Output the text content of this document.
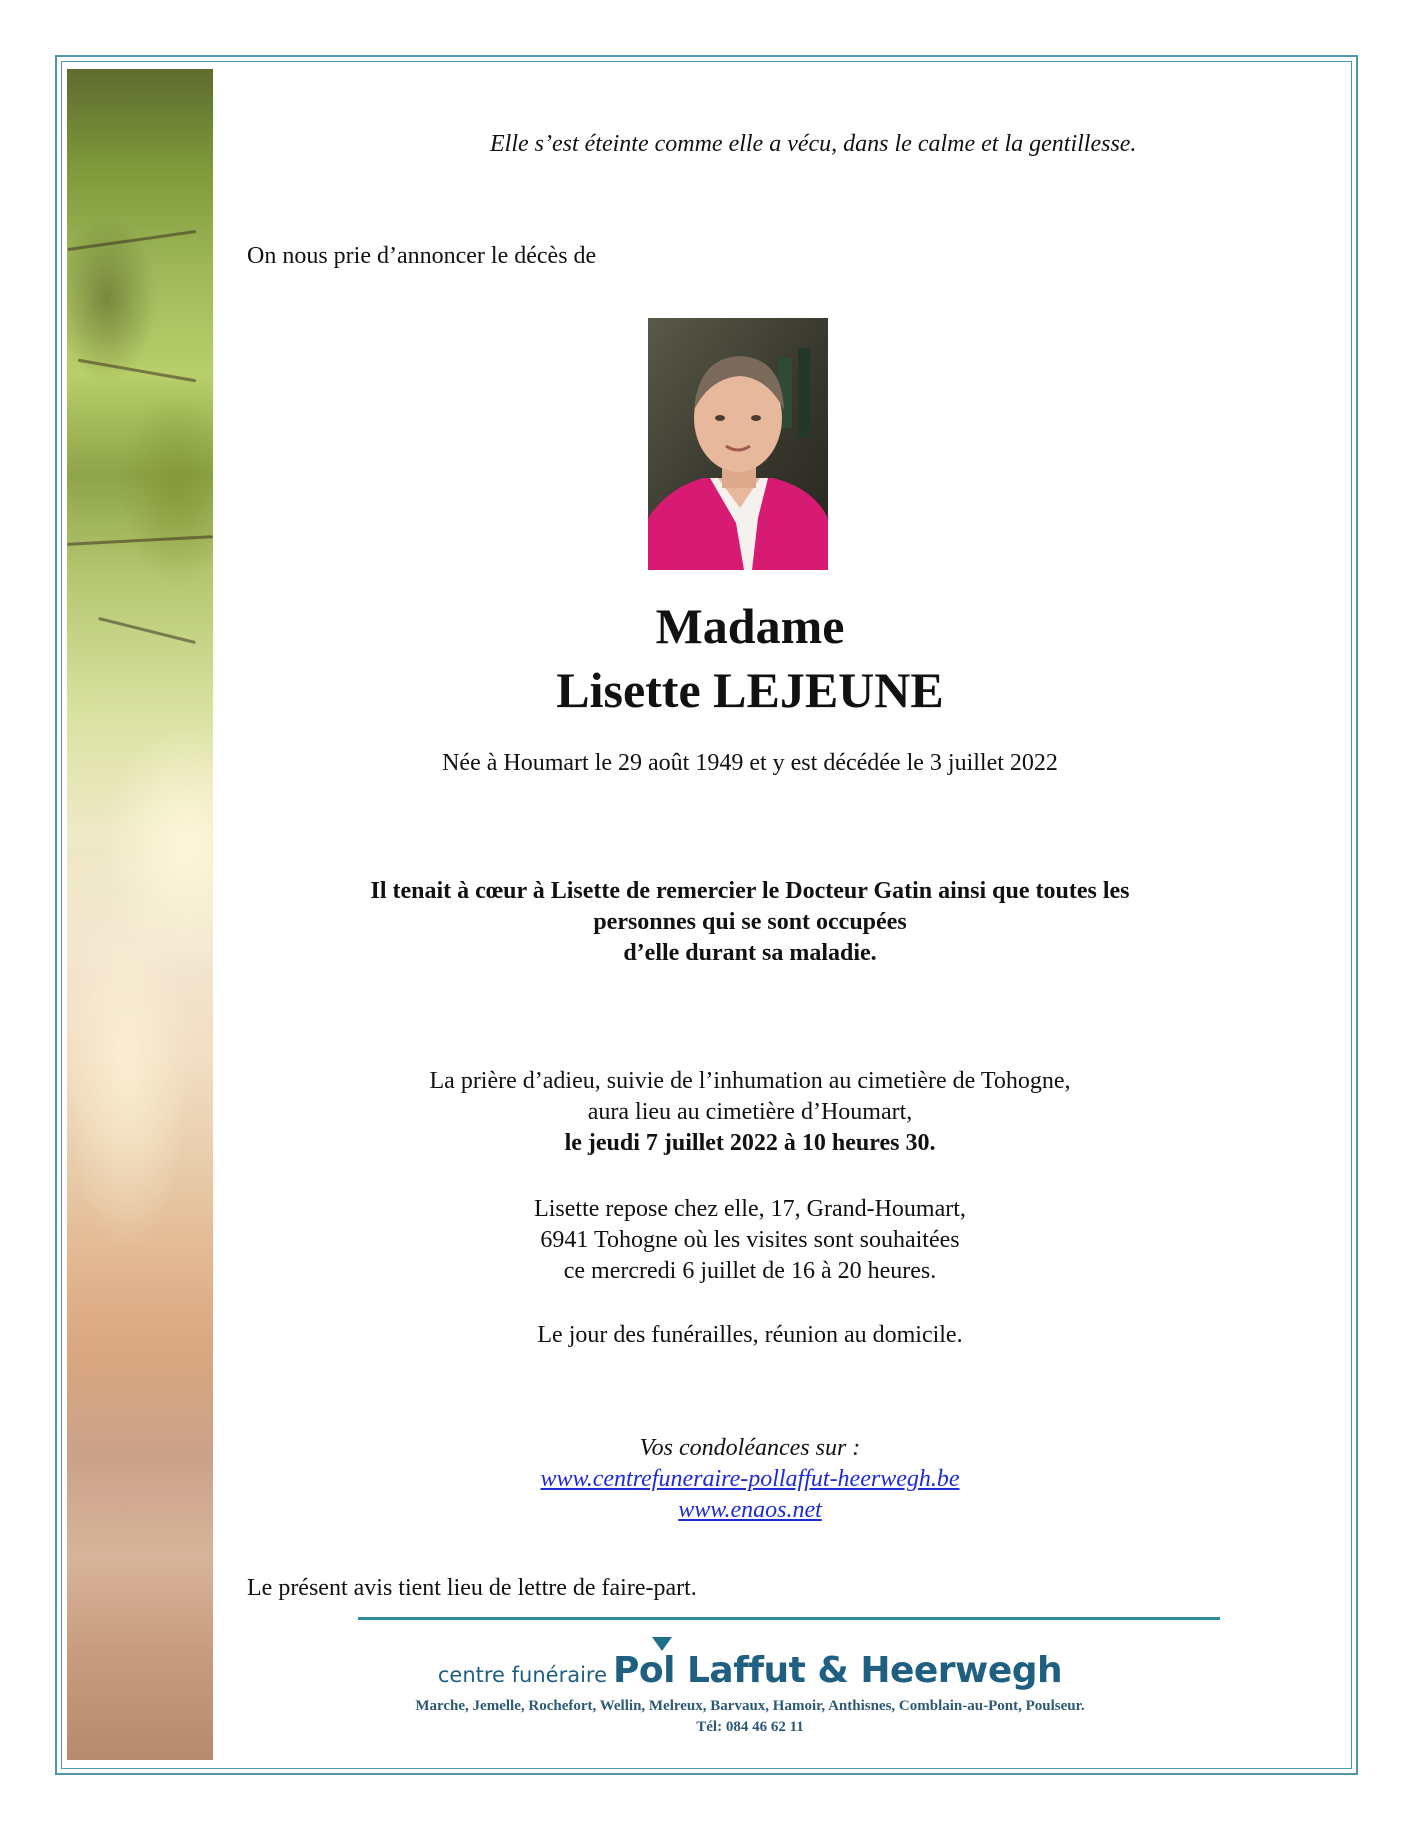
Elle s’est éteinte comme elle a vécu, dans le calme et la gentillesse.

On nous prie d’annoncer le décès de

Madame

Lisette LEJEUNE

Née à Houmart le 29 août 1949 et y est décédée le 3 juillet 2022

Il tenait à cœur à Lisette de remercier le Docteur Gatin ainsi que toutes les
personnes qui se sont occupées
d’elle durant sa maladie.
La prière d’adieu, suivie de l’inhumation au cimetière de Tohogne,
aura lieu au cimetière d’Houmart,
le jeudi 7 juillet 2022 à 10 heures 30.
Lisette repose chez elle, 17, Grand-Houmart,
6941 Tohogne où les visites sont souhaitées
ce mercredi 6 juillet de 16 à 20 heures.

Le jour des funérailles, réunion au domicile.

Vos condoléances sur :
www.centrefuneraire-pollaffut-heerwegh.be
www.enaos.net

Le présent avis tient lieu de lettre de faire-part.

centre funéraire Pol Laffut & Heerwegh

Marche, Jemelle, Rochefort, Wellin, Melreux, Barvaux, Hamoir, Anthisnes, Comblain-au-Pont, Poulseur.

Tél: 084 46 62 11
